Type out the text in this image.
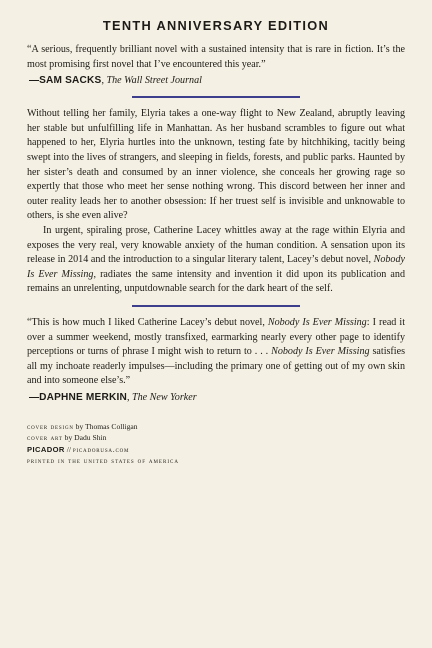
TENTH ANNIVERSARY EDITION

“A serious, frequently brilliant novel with a sustained intensity that is rare in fiction. It’s the most promising first novel that I’ve encountered this year.”

—SAM SACKS, The Wall Street Journal

Without telling her family, Elyria takes a one-way flight to New Zealand, abruptly leaving her stable but unfulfilling life in Manhattan. As her husband scrambles to figure out what happened to her, Elyria hurtles into the unknown, testing fate by hitchhiking, tacitly being swept into the lives of strangers, and sleeping in fields, forests, and public parks. Haunted by her sister’s death and consumed by an inner violence, she conceals her growing rage so expertly that those who meet her sense nothing wrong. This discord between her inner and outer reality leads her to another obsession: If her truest self is invisible and unknowable to others, is she even alive?

In urgent, spiraling prose, Catherine Lacey whittles away at the rage within Elyria and exposes the very real, very knowable anxiety of the human condition. A sensation upon its release in 2014 and the introduction to a singular literary talent, Lacey’s debut novel, Nobody Is Ever Missing, radiates the same intensity and invention it did upon its publication and remains an unrelenting, unputdownable search for the dark heart of the self.

“This is how much I liked Catherine Lacey’s debut novel, Nobody Is Ever Missing: I read it over a summer weekend, mostly transfixed, earmarking nearly every other page to identify perceptions or turns of phrase I might wish to return to . . . Nobody Is Ever Missing satisfies all my inchoate readerly impulses—including the primary one of getting out of my own skin and into someone else’s.”

—DAPHNE MERKIN, The New Yorker
cover design by Thomas Colligan
cover art by Dadu Shin
PICADOR // picadorusa.com
printed in the united states of america
